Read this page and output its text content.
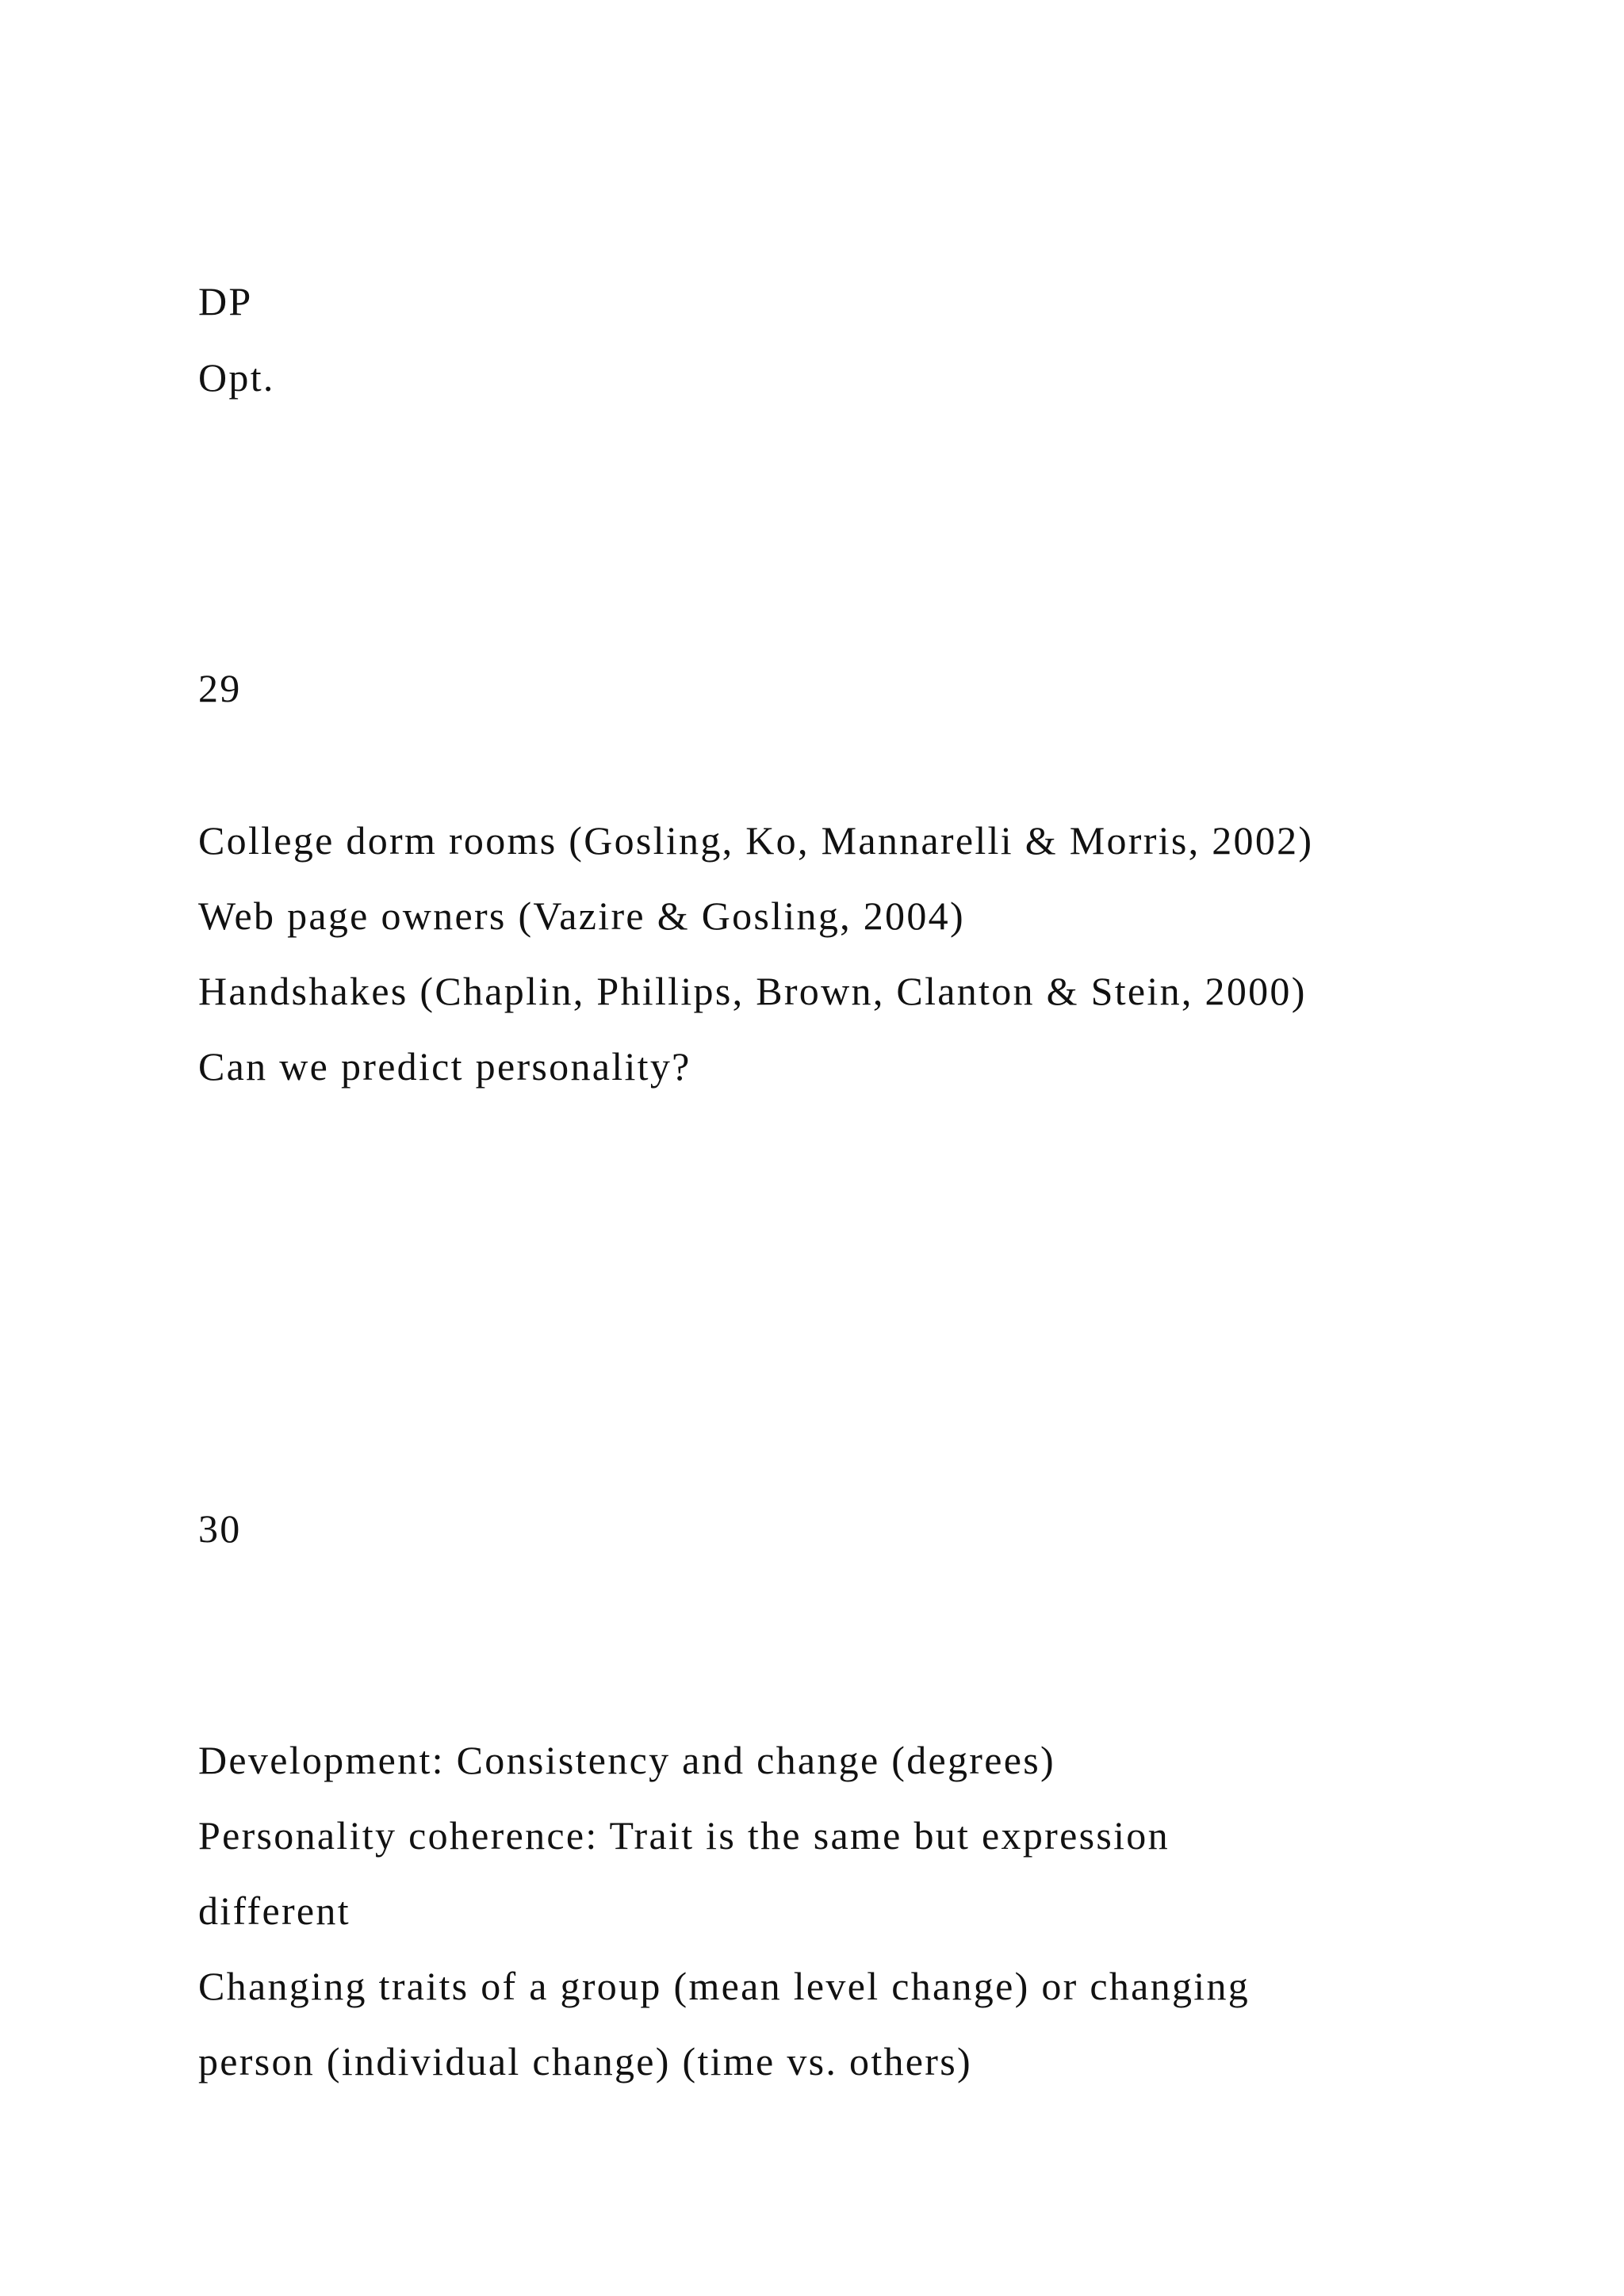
DP

Opt.

29

College dorm rooms (Gosling, Ko, Mannarelli & Morris, 2002)

Web page owners (Vazire & Gosling, 2004)

Handshakes (Chaplin, Phillips, Brown, Clanton & Stein, 2000)

Can we predict personality?

30

Development: Consistency and change (degrees)

Personality coherence: Trait is the same but expression

different

Changing traits of a group (mean level change) or changing

person (individual change) (time vs. others)
